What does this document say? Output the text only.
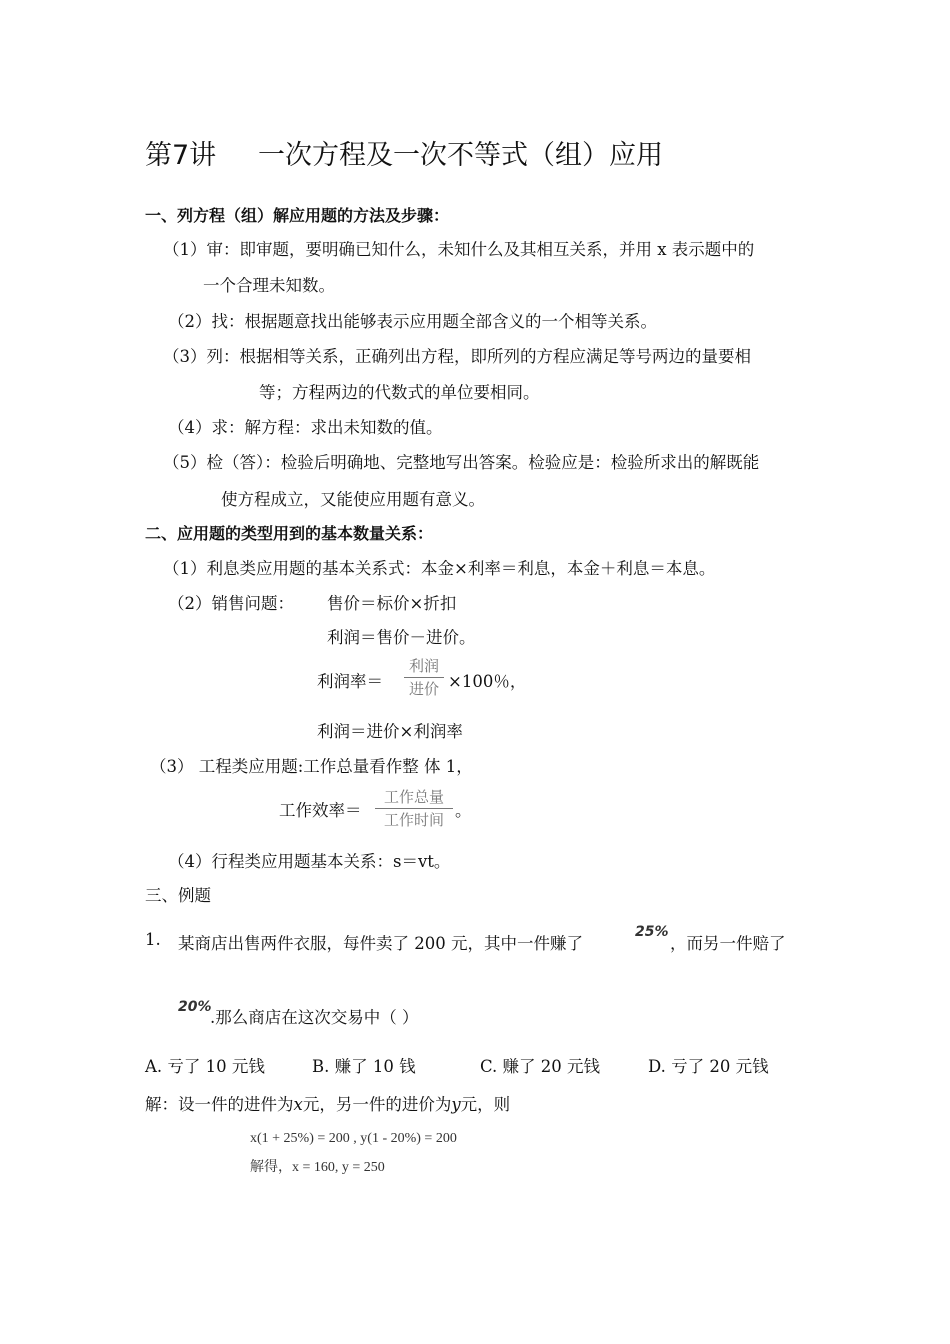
第7讲 一次方程及一次不等式（组）应用
一、列方程（组）解应用题的方法及步骤：
（1）审：即审题，要明确已知什么，未知什么及其相互关系，并用 x 表示题中的
一个合理未知数。
（2）找：根据题意找出能够表示应用题全部含义的一个相等关系。
（3）列：根据相等关系，正确列出方程，即所列的方程应满足等号两边的量要相
等；方程两边的代数式的单位要相同。
（4）求：解方程：求出未知数的值。
（5）检（答）：检验后明确地、完整地写出答案。检验应是：检验所求出的解既能
使方程成立，又能使应用题有意义。
二、应用题的类型用到的基本数量关系：
（1）利息类应用题的基本关系式：本金×利率＝利息，本金＋利息＝本息。
（2）销售问题： 售价＝标价×折扣
利润＝售价－进价。
利润率＝
利润
进价 ×100％，
利润＝进价×利润率
（3） 工程类应用题:工作总量看作整 体 1，
工作效率＝
工作总量
工作时间 。
（4）行程类应用题基本关系：s＝vt。
三、例题
1. 某商店出售两件衣服，每件卖了 200 元，其中一件赚了
25%
，而另一件赔了
20%
.那么商店在这次交易中（ ）
A. 亏了 10 元钱	B. 赚了 10 钱	C. 赚了 20 元钱	D. 亏了 20 元钱
解：设一件的进件为x元，另一件的进价为y元，则
x(1 + 25%) = 200 , y(1 - 20%) = 200
解得，x = 160, y = 250
